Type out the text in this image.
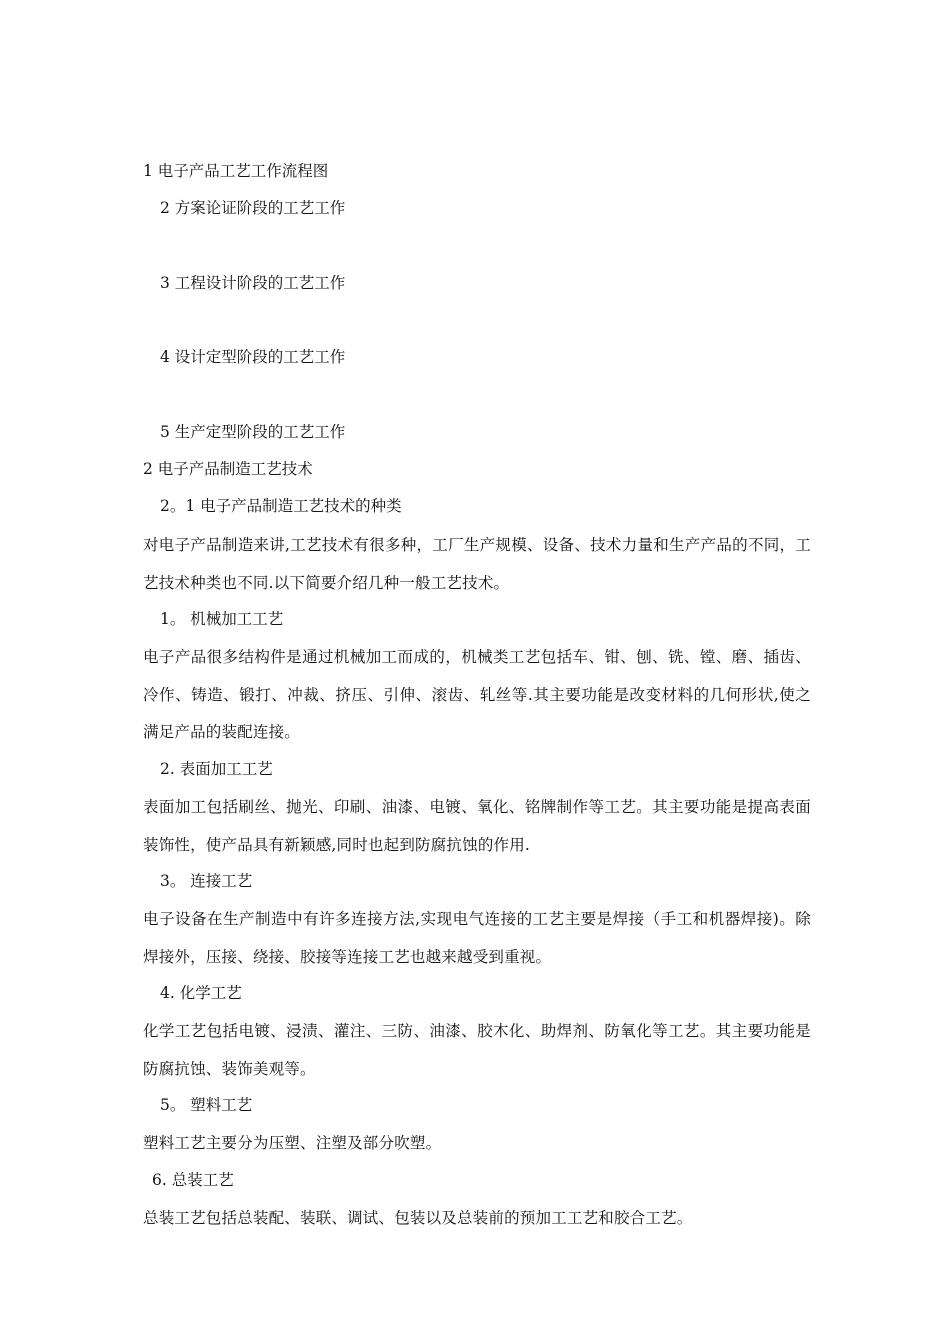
1 电子产品工艺工作流程图
2 方案论证阶段的工艺工作
3 工程设计阶段的工艺工作
4 设计定型阶段的工艺工作
5 生产定型阶段的工艺工作
2 电子产品制造工艺技术
2。1 电子产品制造工艺技术的种类

对电子产品制造来讲,工艺技术有很多种，工厂生产规模、设备、技术力量和生产产品的不同，工艺技术种类也不同.以下简要介绍几种一般工艺技术。

1。 机械加工工艺

电子产品很多结构件是通过机械加工而成的，机械类工艺包括车、钳、刨、铣、镗、磨、插齿、冷作、铸造、锻打、冲裁、挤压、引伸、滚齿、轧丝等.其主要功能是改变材料的几何形状,使之满足产品的装配连接。

2. 表面加工工艺

表面加工包括刷丝、抛光、印刷、油漆、电镀、氧化、铭牌制作等工艺。其主要功能是提高表面装饰性，使产品具有新颖感,同时也起到防腐抗蚀的作用.

3。 连接工艺

电子设备在生产制造中有许多连接方法,实现电气连接的工艺主要是焊接（手工和机器焊接)。除焊接外，压接、绕接、胶接等连接工艺也越来越受到重视。

4. 化学工艺

化学工艺包括电镀、浸渍、灌注、三防、油漆、胶木化、助焊剂、防氧化等工艺。其主要功能是防腐抗蚀、装饰美观等。

5。 塑料工艺

塑料工艺主要分为压塑、注塑及部分吹塑。

6. 总装工艺

总装工艺包括总装配、装联、调试、包装以及总装前的预加工工艺和胶合工艺。
